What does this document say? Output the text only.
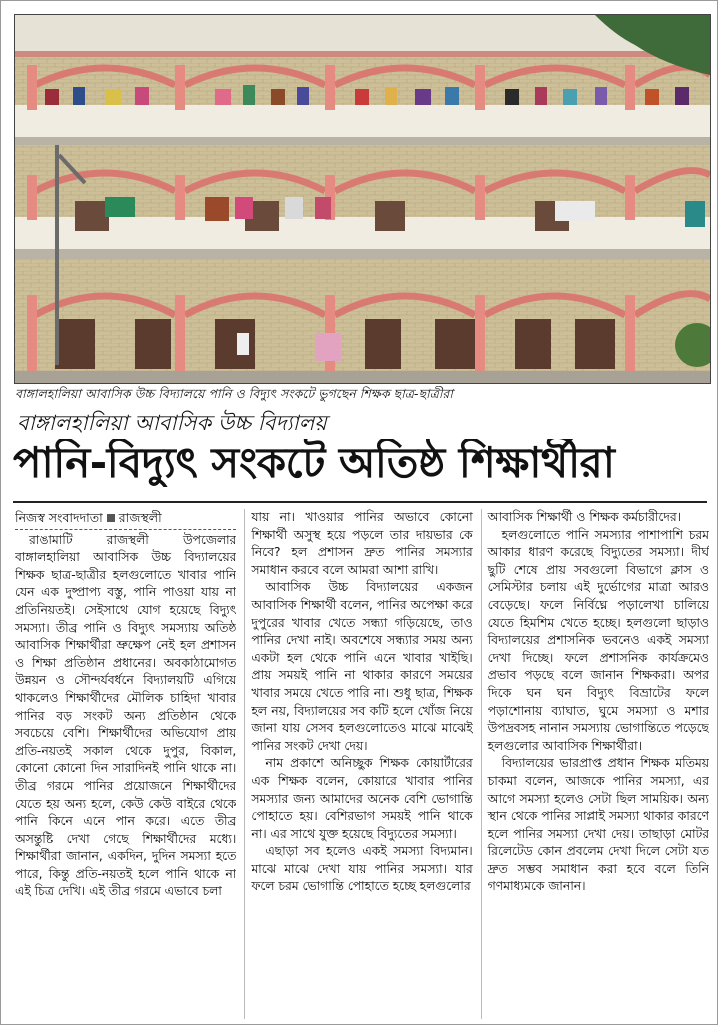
বাঙ্গালহালিয়া আবাসিক উচ্চ বিদ্যালয়ে পানি ও বিদ্যুৎ সংকটে ভুগছেন শিক্ষক ছাত্র-ছাত্রীরা
বাঙ্গালহালিয়া আবাসিক উচ্চ বিদ্যালয়
পানি-বিদ্যুৎ সংকটে অতিষ্ঠ শিক্ষার্থীরা
নিজস্ব সংবাদদাতা রাজস্থলী

রাঙামাটি রাজস্থলী উপজেলার বাঙ্গালহালিয়া আবাসিক উচ্চ বিদ্যালয়ের শিক্ষক ছাত্র-ছাত্রীর হলগুলোতে খাবার পানি যেন এক দুষ্প্রাপ্য বস্তু, পানি পাওয়া যায় না প্রতিনিয়তই। সেইসাথে যোগ হয়েছে বিদ্যুৎ সমস্যা। তীব্র পানি ও বিদ্যুৎ সমস্যায় অতিষ্ঠ আবাসিক শিক্ষার্থীরা ভ্রুক্ষেপ নেই হল প্রশাসন ও শিক্ষা প্রতিষ্ঠান প্রধানের। অবকাঠামোগত উন্নয়ন ও সৌন্দর্যবর্ধনে বিদ্যালয়টি এগিয়ে থাকলেও শিক্ষার্থীদের মৌলিক চাহিদা খাবার পানির বড় সংকট অন্য প্রতিষ্ঠান থেকে সবচেয়ে বেশি। শিক্ষার্থীদের অভিযোগ প্রায় প্রতি-নয়তই সকাল থেকে দুপুর, বিকাল, কোনো কোনো দিন সারাদিনই পানি থাকে না। তীব্র গরমে পানির প্রয়োজনে শিক্ষার্থীদের যেতে হয় অন্য হলে, কেউ কেউ বাইরে থেকে পানি কিনে এনে পান করে। এতে তীব্র অসন্তুষ্টি দেখা গেছে শিক্ষার্থীদের মধ্যে। শিক্ষার্থীরা জানান, একদিন, দুদিন সমস্যা হতে পারে, কিন্তু প্রতি-নয়তই হলে পানি থাকে না এই চিত্র দেখি। এই তীব্র গরমে এভাবে চলা

যায় না। খাওয়ার পানির অভাবে কোনো শিক্ষার্থী অসুস্থ হয়ে পড়লে তার দায়ভার কে নিবে? হল প্রশাসন দ্রুত পানির সমস্যার সমাধান করবে বলে আমরা আশা রাখি।

আবাসিক উচ্চ বিদ্যালয়ের একজন আবাসিক শিক্ষার্থী বলেন, পানির অপেক্ষা করে দুপুরের খাবার খেতে সন্ধ্যা গড়িয়েছে, তাও পানির দেখা নাই। অবশেষে সন্ধ্যার সময় অন্য একটা হল থেকে পানি এনে খাবার খাইছি। প্রায় সময়ই পানি না থাকার কারণে সময়ের খাবার সময়ে খেতে পারি না। শুধু ছাত্র, শিক্ষক হল নয়, বিদ্যালয়ের সব কটি হলে খোঁজ নিয়ে জানা যায় সেসব হলগুলোতেও মাঝে মাঝেই পানির সংকট দেখা দেয়।

নাম প্রকাশে অনিচ্ছুক শিক্ষক কোয়ার্টারের এক শিক্ষক বলেন, কোয়ারে খাবার পানির সমস্যার জন্য আমাদের অনেক বেশি ভোগান্তি পোহাতে হয়। বেশিরভাগ সময়ই পানি থাকে না। এর সাথে যুক্ত হয়েছে বিদ্যুতের সমস্যা।

এছাড়া সব হলেও একই সমস্যা বিদ্যমান। মাঝে মাঝে দেখা যায় পানির সমস্যা। যার ফলে চরম ভোগান্তি পোহাতে হচ্ছে হলগুলোর

আবাসিক শিক্ষার্থী ও শিক্ষক কর্মচারীদের।

হলগুলোতে পানি সমস্যার পাশাপাশি চরম আকার ধারণ করেছে বিদ্যুতের সমস্যা। দীর্ঘ ছুটি শেষে প্রায় সবগুলো বিভাগে ক্লাস ও সেমিস্টার চলায় এই দুর্ভোগের মাত্রা আরও বেড়েছে। ফলে নির্বিঘ্নে পড়ালেখা চালিয়ে যেতে হিমশিম খেতে হচ্ছে। হলগুলো ছাড়াও বিদ্যালয়ের প্রশাসনিক ভবনেও একই সমস্যা দেখা দিচ্ছে। ফলে প্রশাসনিক কার্যক্রমেও প্রভাব পড়ছে বলে জানান শিক্ষকরা। অপর দিকে ঘন ঘন বিদ্যুৎ বিভ্রাটের ফলে পড়াশোনায় ব্যাঘাত, ঘুমে সমস্যা ও মশার উপদ্রবসহ নানান সমস্যায় ভোগান্তিতে পড়েছে হলগুলোর আবাসিক শিক্ষার্থীরা।

বিদ্যালয়ের ভারপ্রাপ্ত প্রধান শিক্ষক মতিময় চাকমা বলেন, আজকে পানির সমস্যা, এর আগে সমস্যা হলেও সেটা ছিল সাময়িক। অন্য স্থান থেকে পানির সাপ্লাই সমস্যা থাকার কারণে হলে পানির সমস্যা দেখা দেয়। তাছাড়া মোটর রিলেটেড কোন প্রবলেম দেখা দিলে সেটা যত দ্রুত সম্ভব সমাধান করা হবে বলে তিনি গণমাধ্যমকে জানান।
